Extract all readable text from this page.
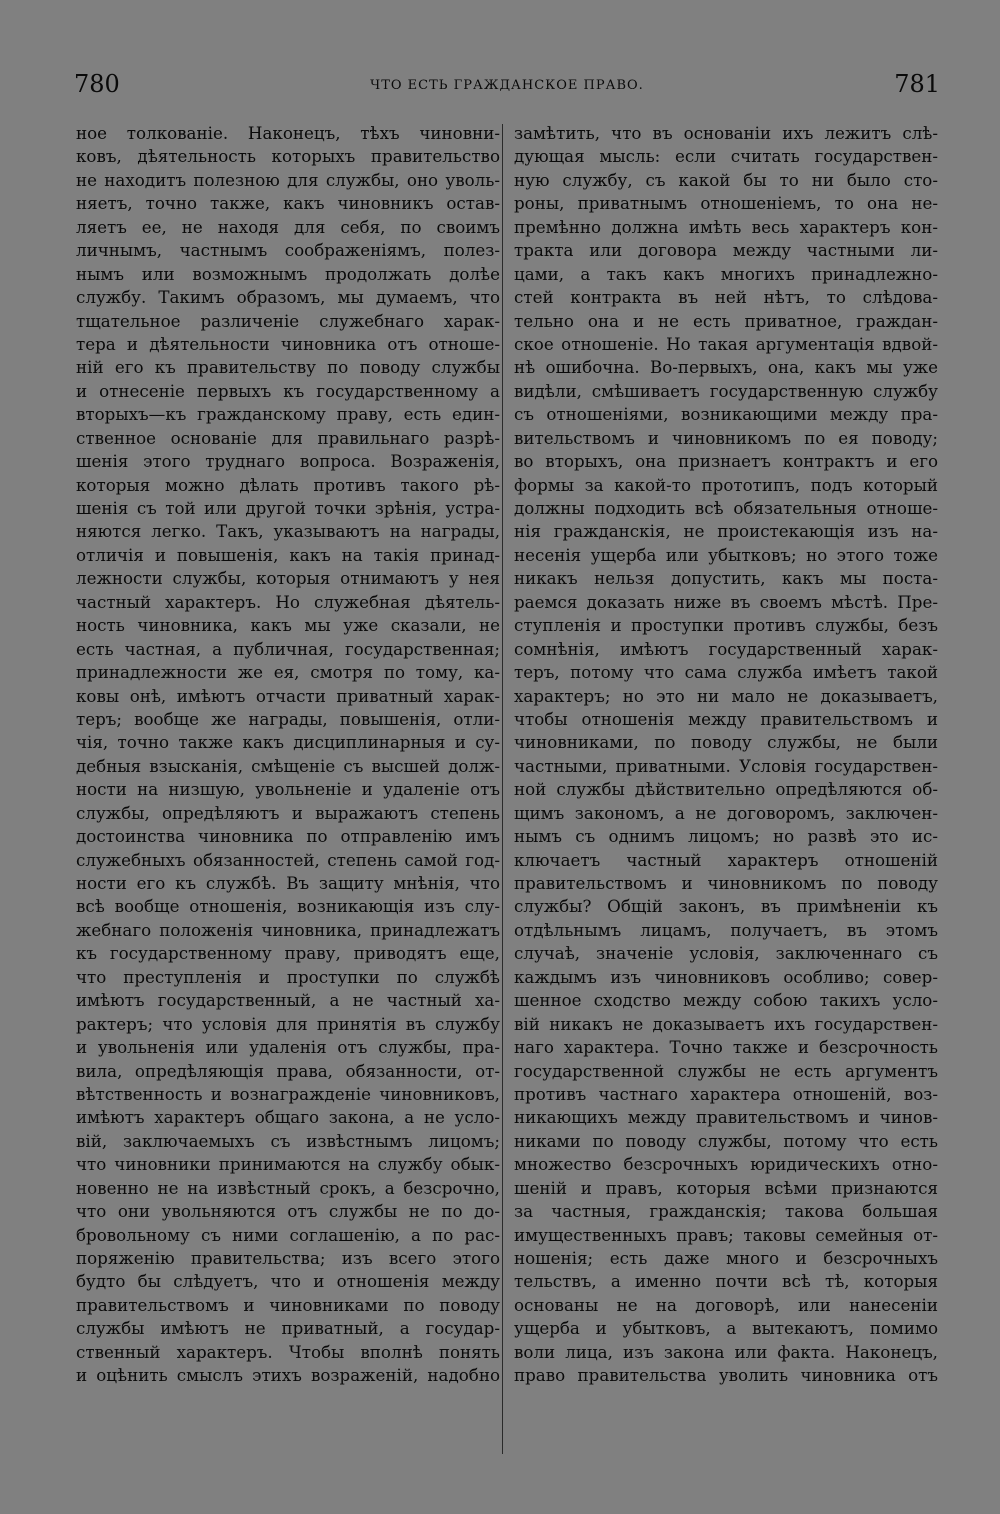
780	ЧТО ЕСТЬ ГРАЖДАНСКОЕ ПРАВО.	781
ное толкованіе. Наконецъ, тѣхъ чиновни-
ковъ, дѣятельность которыхъ правительство
не находитъ полезною для службы, оно уволь-
няетъ, точно также, какъ чиновникъ остав-
ляетъ ее, не находя для себя, по своимъ
личнымъ, частнымъ соображеніямъ, полез-
нымъ или возможнымъ продолжать долѣе
службу. Такимъ образомъ, мы думаемъ, что
тщательное различеніе служебнаго харак-
тера и дѣятельности чиновника отъ отноше-
ній его къ правительству по поводу службы
и отнесеніе первыхъ къ государственному а
вторыхъ—къ гражданскому праву, есть един-
ственное основаніе для правильнаго разрѣ-
шенія этого труднаго вопроса. Возраженія,
которыя можно дѣлать противъ такого рѣ-
шенія съ той или другой точки зрѣнія, устра-
няются легко. Такъ, указываютъ на награды,
отличія и повышенія, какъ на такія принад-
лежности службы, которыя отнимаютъ у нея
частный характеръ. Но служебная дѣятель-
ность чиновника, какъ мы уже сказали, не
есть частная, а публичная, государственная;
принадлежности же ея, смотря по тому, ка-
ковы онѣ, имѣютъ отчасти приватный харак-
теръ; вообще же награды, повышенія, отли-
чія, точно также какъ дисциплинарныя и су-
дебныя взысканія, смѣщеніе съ высшей долж-
ности на низшую, увольненіе и удаленіе отъ
службы, опредѣляютъ и выражаютъ степень
достоинства чиновника по отправленію имъ
служебныхъ обязанностей, степень самой год-
ности его къ службѣ. Въ защиту мнѣнія, что
всѣ вообще отношенія, возникающія изъ слу-
жебнаго положенія чиновника, принадлежатъ
къ государственному праву, приводятъ еще,
что преступленія и проступки по службѣ
имѣютъ государственный, а не частный ха-
рактеръ; что условія для принятія въ службу
и увольненія или удаленія отъ службы, пра-
вила, опредѣляющія права, обязанности, от-
вѣтственность и вознагражденіе чиновниковъ,
имѣютъ характеръ общаго закона, а не усло-
вій, заключаемыхъ съ извѣстнымъ лицомъ;
что чиновники принимаются на службу обык-
новенно не на извѣстный срокъ, а безсрочно,
что они увольняются отъ службы не по до-
бровольному съ ними соглашенію, а по рас-
поряженію правительства; изъ всего этого
будто бы слѣдуетъ, что и отношенія между
правительствомъ и чиновниками по поводу
службы имѣютъ не приватный, а государ-
ственный характеръ. Чтобы вполнѣ понять
и оцѣнить смыслъ этихъ возраженій, надобно
замѣтить, что въ основаніи ихъ лежитъ слѣ-
дующая мысль: если считать государствен-
ную службу, съ какой бы то ни было сто-
роны, приватнымъ отношеніемъ, то она не-
премѣнно должна имѣть весь характеръ кон-
тракта или договора между частными ли-
цами, а такъ какъ многихъ принадлежно-
стей контракта въ ней нѣтъ, то слѣдова-
тельно она и не есть приватное, граждан-
ское отношеніе. Но такая аргументація вдвой-
нѣ ошибочна. Во-первыхъ, она, какъ мы уже
видѣли, смѣшиваетъ государственную службу
съ отношеніями, возникающими между пра-
вительствомъ и чиновникомъ по ея поводу;
во вторыхъ, она признаетъ контрактъ и его
формы за какой-то прототипъ, подъ который
должны подходить всѣ обязательныя отноше-
нія гражданскія, не проистекающія изъ на-
несенія ущерба или убытковъ; но этого тоже
никакъ нельзя допустить, какъ мы поста-
раемся доказать ниже въ своемъ мѣстѣ. Пре-
ступленія и проступки противъ службы, безъ
сомнѣнія, имѣютъ государственный харак-
теръ, потому что сама служба имѣетъ такой
характеръ; но это ни мало не доказываетъ,
чтобы отношенія между правительствомъ и
чиновниками, по поводу службы, не были
частными, приватными. Условія государствен-
ной службы дѣйствительно опредѣляются об-
щимъ закономъ, а не договоромъ, заключен-
нымъ съ однимъ лицомъ; но развѣ это ис-
ключаетъ частный характеръ отношеній
правительствомъ и чиновникомъ по поводу
службы? Общій законъ, въ примѣненіи къ
отдѣльнымъ лицамъ, получаетъ, въ этомъ
случаѣ, значеніе условія, заключеннаго съ
каждымъ изъ чиновниковъ особливо; совер-
шенное сходство между собою такихъ усло-
вій никакъ не доказываетъ ихъ государствен-
наго характера. Точно также и безсрочность
государственной службы не есть аргументъ
противъ частнаго характера отношеній, воз-
никающихъ между правительствомъ и чинов-
никами по поводу службы, потому что есть
множество безсрочныхъ юридическихъ отно-
шеній и правъ, которыя всѣми признаются
за частныя, гражданскія; такова большая
имущественныхъ правъ; таковы семейныя от-
ношенія; есть даже много и безсрочныхъ
тельствъ, а именно почти всѣ тѣ, которыя
основаны не на договорѣ, или нанесеніи
ущерба и убытковъ, а вытекаютъ, помимо
воли лица, изъ закона или факта. Наконецъ,
право правительства уволить чиновника отъ
